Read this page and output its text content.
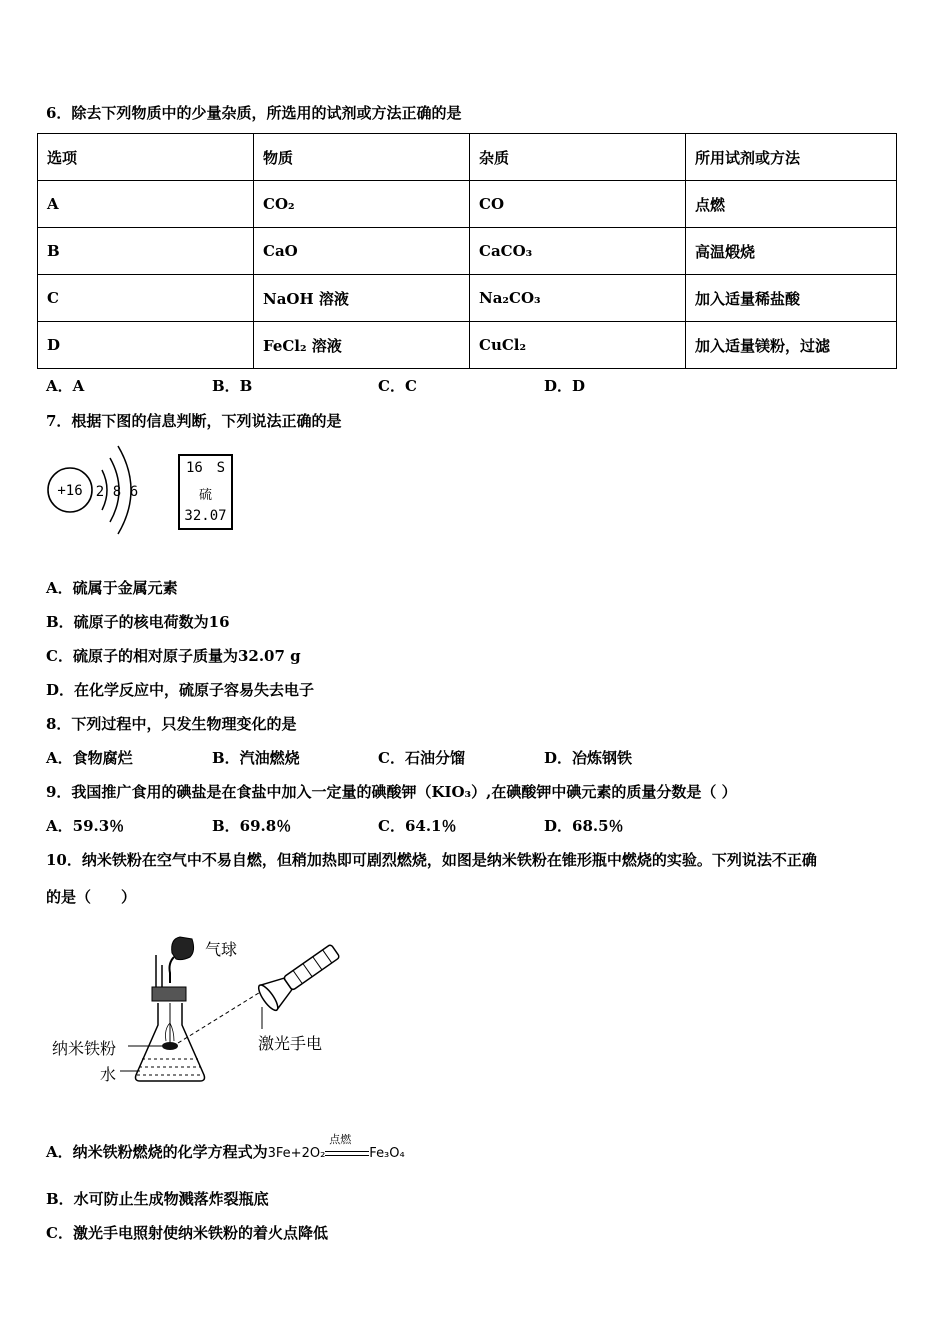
6．除去下列物质中的少量杂质，所选用的试剂或方法正确的是
选项	物质	杂质	所用试剂或方法
A	CO₂	CO	点燃
B	CaO	CaCO₃	高温煅烧
C	NaOH 溶液	Na₂CO₃	加入适量稀盐酸
D	FeCl₂ 溶液	CuCl₂	加入适量镁粉，过滤
A．A	B．B	C．C	D．D
7．根据下图的信息判断，下列说法正确的是
+16 2 8 6
16 S
硫
32.07
A．硫属于金属元素
B．硫原子的核电荷数为16
C．硫原子的相对原子质量为32.07 g
D．在化学反应中，硫原子容易失去电子
8．下列过程中，只发生物理变化的是
A．食物腐烂	B．汽油燃烧	C．石油分馏	D．冶炼钢铁
9．我国推广食用的碘盐是在食盐中加入一定量的碘酸钾（KIO₃）,在碘酸钾中碘元素的质量分数是（ ）
A．59.3％	B．69.8％	C．64.1％	D．68.5％
10．纳米铁粉在空气中不易自燃，但稍加热即可剧烈燃烧，如图是纳米铁粉在锥形瓶中燃烧的实验。下列说法不正确
的是（　　）
气球
纳米铁粉
水
激光手电
A．纳米铁粉燃烧的化学方程式为3Fe+2O₂
点燃
Fe₃O₄
B．水可防止生成物溅落炸裂瓶底
C．激光手电照射使纳米铁粉的着火点降低
